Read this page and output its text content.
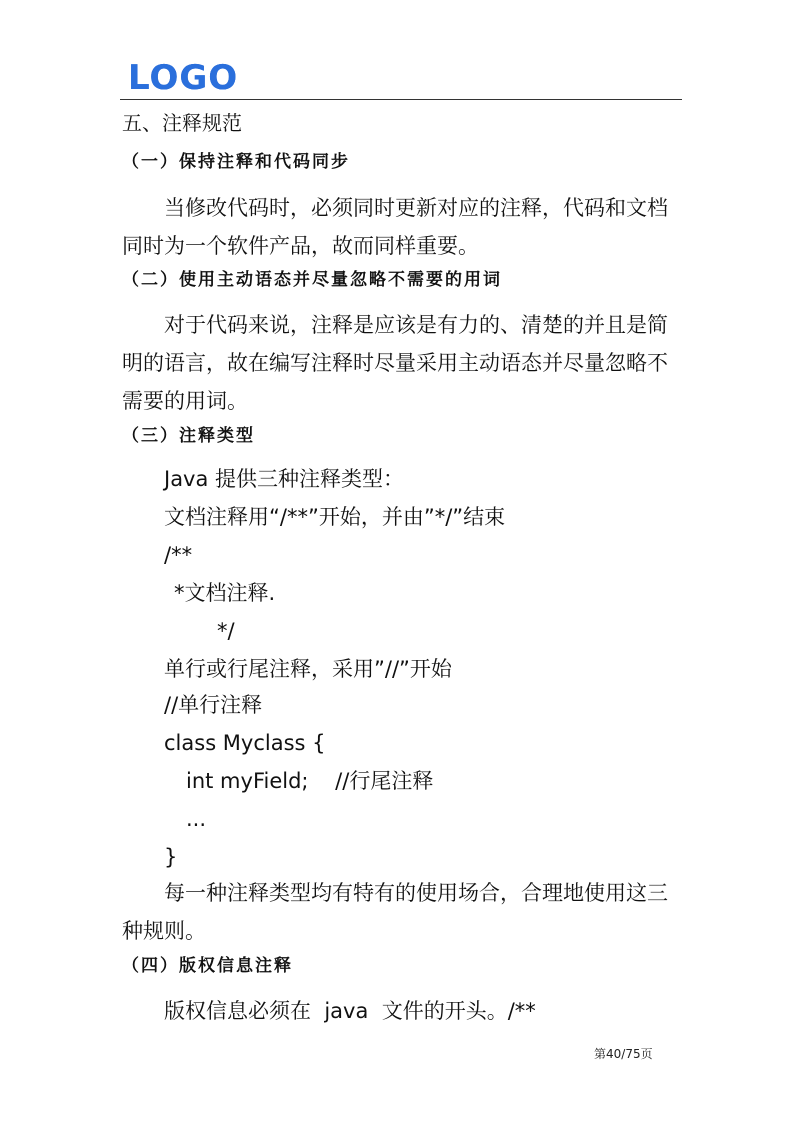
LOGO
五、注释规范
（一）保持注释和代码同步
当修改代码时，必须同时更新对应的注释，代码和文档
同时为一个软件产品，故而同样重要。
（二）使用主动语态并尽量忽略不需要的用词
对于代码来说，注释是应该是有力的、清楚的并且是简
明的语言，故在编写注释时尽量采用主动语态并尽量忽略不
需要的用词。
（三）注释类型
Java 提供三种注释类型：
文档注释用“/**”开始，并由”*/”结束
/**
*文档注释.
*/
单行或行尾注释，采用”//”开始
//单行注释
class Myclass {
int myField;    //行尾注释
...
}
每一种注释类型均有特有的使用场合，合理地使用这三
种规则。
（四）版权信息注释
版权信息必须在  java  文件的开头。/**
第40/75页
